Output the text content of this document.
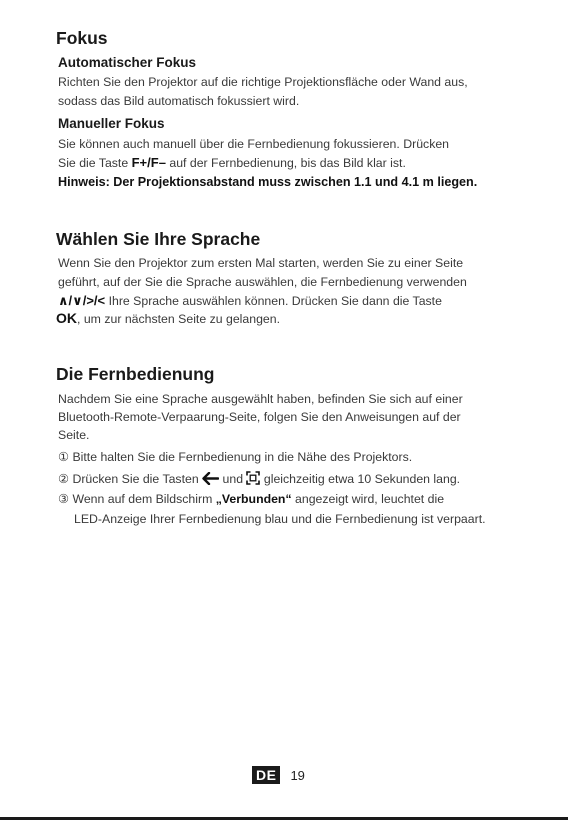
Fokus
Automatischer Fokus
Richten Sie den Projektor auf die richtige Projektionsfläche oder Wand aus,
sodass das Bild automatisch fokussiert wird.
Manueller Fokus
Sie können auch manuell über die Fernbedienung fokussieren. Drücken
Sie die Taste F+/F– auf der Fernbedienung, bis das Bild klar ist.
Hinweis: Der Projektionsabstand muss zwischen 1.1 und 4.1 m liegen.
Wählen Sie Ihre Sprache
Wenn Sie den Projektor zum ersten Mal starten, werden Sie zu einer Seite
geführt, auf der Sie die Sprache auswählen, die Fernbedienung verwenden
∧/∨/>/< Ihre Sprache auswählen können. Drücken Sie dann die Taste
OK, um zur nächsten Seite zu gelangen.
Die Fernbedienung
Nachdem Sie eine Sprache ausgewählt haben, befinden Sie sich auf einer
Bluetooth-Remote-Verpaarung-Seite, folgen Sie den Anweisungen auf der
Seite.
① Bitte halten Sie die Fernbedienung in die Nähe des Projektors.
② Drücken Sie die Tasten und gleichzeitig etwa 10 Sekunden lang.
③ Wenn auf dem Bildschirm „Verbunden“ angezeigt wird, leuchtet die
LED-Anzeige Ihrer Fernbedienung blau und die Fernbedienung ist verpaart.
DE	19
